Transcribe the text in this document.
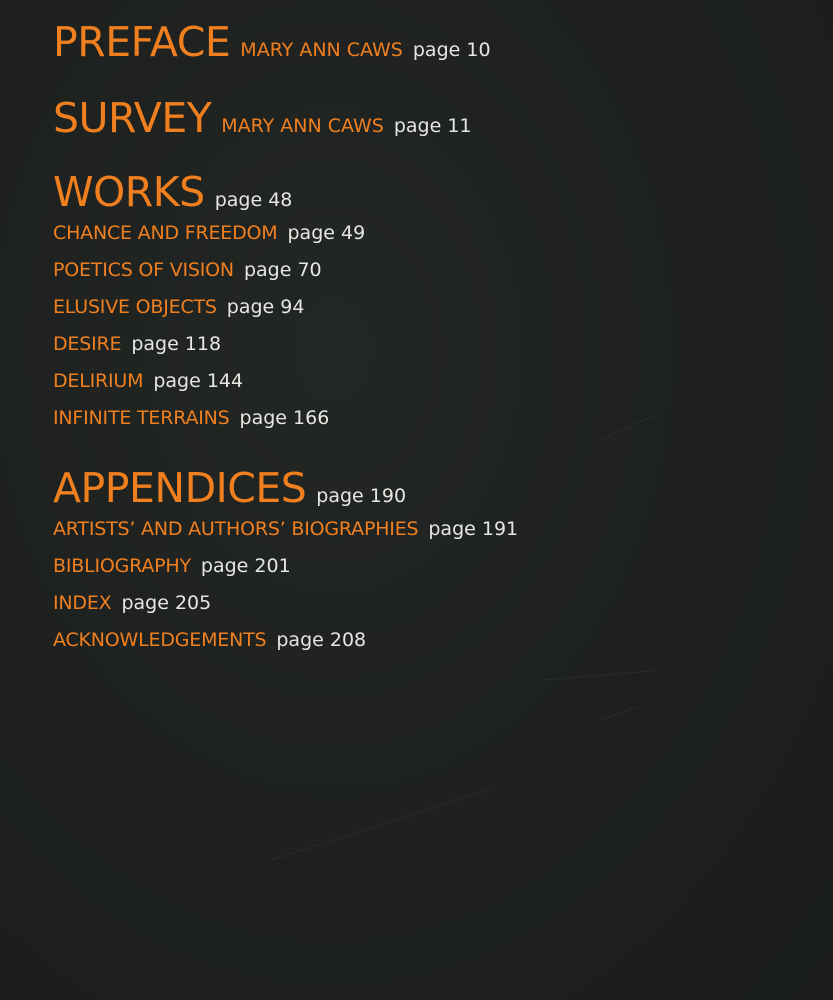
PREFACE MARY ANN CAWS page 10
SURVEY MARY ANN CAWS page 11
WORKS page 48
CHANCE AND FREEDOM page 49
POETICS OF VISION page 70
ELUSIVE OBJECTS page 94
DESIRE page 118
DELIRIUM page 144
INFINITE TERRAINS page 166
APPENDICES page 190
ARTISTS’ AND AUTHORS’ BIOGRAPHIES page 191
BIBLIOGRAPHY page 201
INDEX page 205
ACKNOWLEDGEMENTS page 208
